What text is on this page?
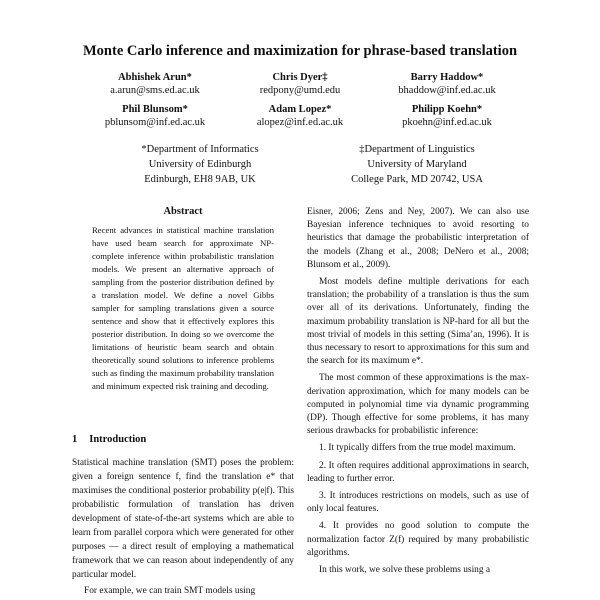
Monte Carlo inference and maximization for phrase-based translation
Abhishek Arun*
a.arun@sms.ed.ac.uk
Chris Dyer‡
redpony@umd.edu
Barry Haddow*
bhaddow@inf.ed.ac.uk
Phil Blunsom*
pblunsom@inf.ed.ac.uk
Adam Lopez*
alopez@inf.ed.ac.uk
Philipp Koehn*
pkoehn@inf.ed.ac.uk
*Department of Informatics
University of Edinburgh
Edinburgh, EH8 9AB, UK
‡Department of Linguistics
University of Maryland
College Park, MD 20742, USA
Abstract

Recent advances in statistical machine translation have used beam search for approximate NP-complete inference within probabilistic translation models. We present an alternative approach of sampling from the posterior distribution defined by a translation model. We define a novel Gibbs sampler for sampling translations given a source sentence and show that it effectively explores this posterior distribution. In doing so we overcome the limitations of heuristic beam search and obtain theoretically sound solutions to inference problems such as finding the maximum probability translation and minimum expected risk training and decoding.

1 Introduction

Statistical machine translation (SMT) poses the problem: given a foreign sentence f, find the translation e* that maximises the conditional posterior probability p(e|f). This probabilistic formulation of translation has driven development of state-of-the-art systems which are able to learn from parallel corpora which were generated for other purposes — a direct result of employing a mathematical framework that we can reason about independently of any particular model.

For example, we can train SMT models using

Eisner, 2006; Zens and Ney, 2007). We can also use Bayesian inference techniques to avoid resorting to heuristics that damage the probabilistic interpretation of the models (Zhang et al., 2008; DeNero et al., 2008; Blunsom et al., 2009).

Most models define multiple derivations for each translation; the probability of a translation is thus the sum over all of its derivations. Unfortunately, finding the maximum probability translation is NP-hard for all but the most trivial of models in this setting (Sima’an, 1996). It is thus necessary to resort to approximations for this sum and the search for its maximum e*.

The most common of these approximations is the max-derivation approximation, which for many models can be computed in polynomial time via dynamic programming (DP). Though effective for some problems, it has many serious drawbacks for probabilistic inference:

1. It typically differs from the true model maximum.

2. It often requires additional approximations in search, leading to further error.

3. It introduces restrictions on models, such as use of only local features.

4. It provides no good solution to compute the normalization factor Z(f) required by many probabilistic algorithms.

In this work, we solve these problems using a
